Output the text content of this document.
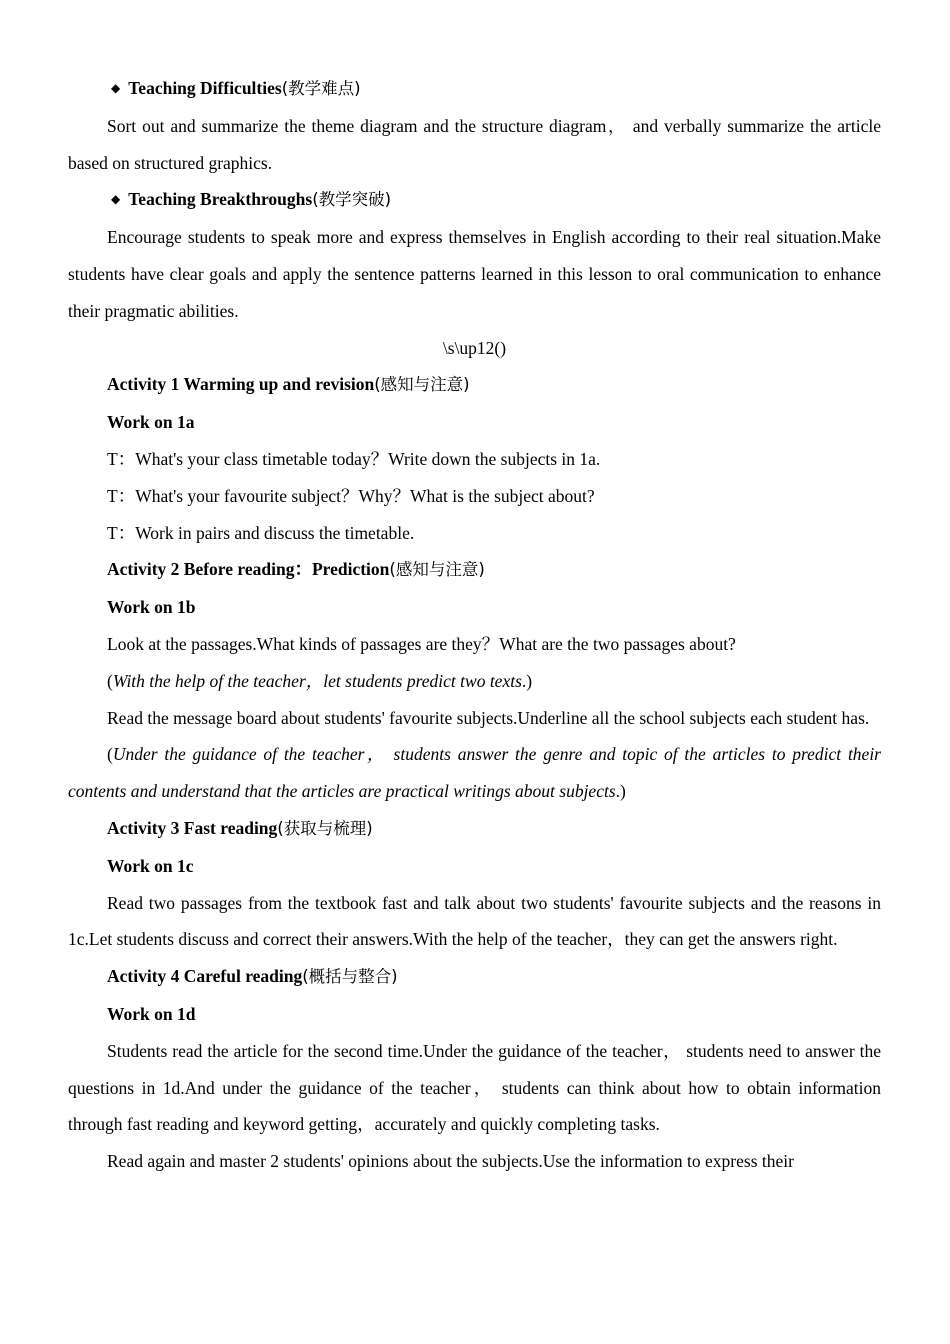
◆ Teaching Difficulties(教学难点)

Sort out and summarize the theme diagram and the structure diagram， and verbally summarize the article based on structured graphics.

◆ Teaching Breakthroughs(教学突破)

Encourage students to speak more and express themselves in English according to their real situation.Make students have clear goals and apply the sentence patterns learned in this lesson to oral communication to enhance their pragmatic abilities.

\s\up12()
Activity 1 Warming up and revision(感知与注意)
Work on 1a
T：What's your class timetable today？Write down the subjects in 1a.
T：What's your favourite subject？Why？What is the subject about?
T：Work in pairs and discuss the timetable.
Activity 2 Before reading：Prediction(感知与注意)
Work on 1b
Look at the passages.What kinds of passages are they？What are the two passages about?
(With the help of the teacher，let students predict two texts.)

Read the message board about students' favourite subjects.Underline all the school subjects each student has.

(Under the guidance of the teacher， students answer the genre and topic of the articles to predict their contents and understand that the articles are practical writings about subjects.)

Activity 3 Fast reading(获取与梳理)
Work on 1c

Read two passages from the textbook fast and talk about two students' favourite subjects and the reasons in 1c.Let students discuss and correct their answers.With the help of the teacher，they can get the answers right.

Activity 4 Careful reading(概括与整合)
Work on 1d

Students read the article for the second time.Under the guidance of the teacher， students need to answer the questions in 1d.And under the guidance of the teacher， students can think about how to obtain information through fast reading and keyword getting，accurately and quickly completing tasks.

Read again and master 2 students' opinions about the subjects.Use the information to express their
